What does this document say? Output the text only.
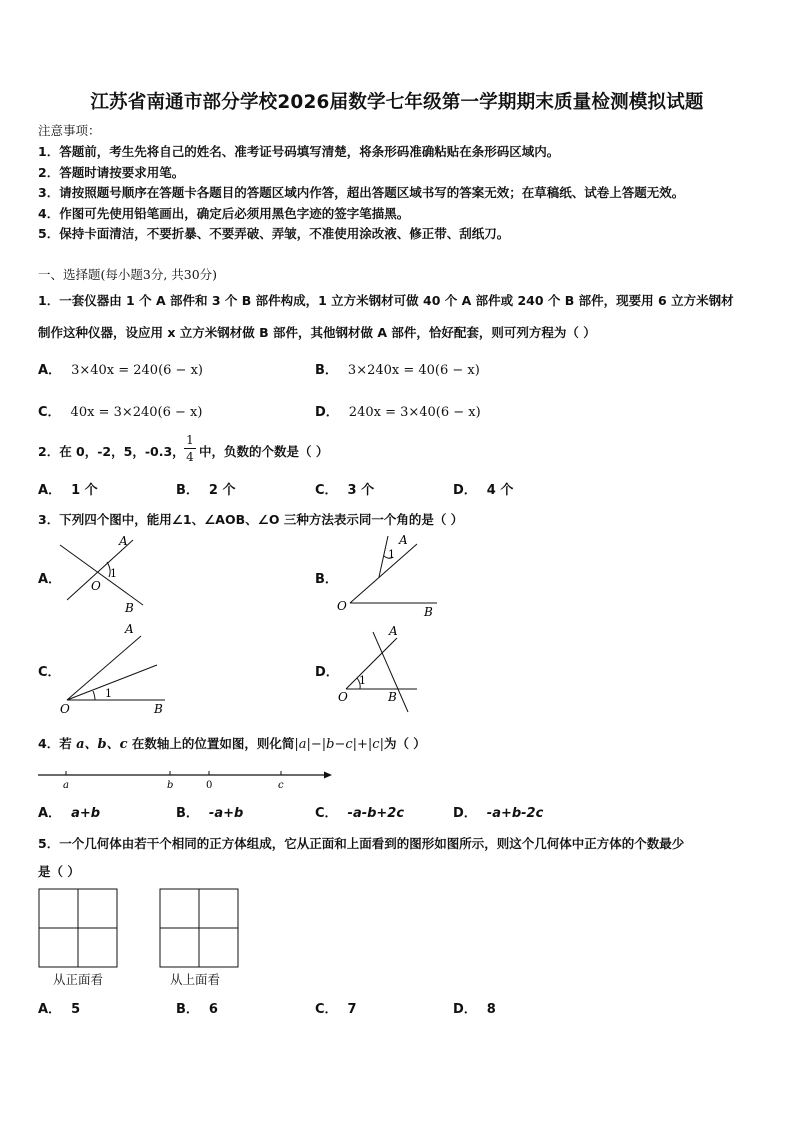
江苏省南通市部分学校2026届数学七年级第一学期期末质量检测模拟试题
注意事项：
1．答题前，考生先将自己的姓名、准考证号码填写清楚，将条形码准确粘贴在条形码区域内。
2．答题时请按要求用笔。
3．请按照题号顺序在答题卡各题目的答题区域内作答，超出答题区域书写的答案无效；在草稿纸、试卷上答题无效。
4．作图可先使用铅笔画出，确定后必须用黑色字迹的签字笔描黑。
5．保持卡面清洁，不要折暴、不要弄破、弄皱，不准使用涂改液、修正带、刮纸刀。
一、选择题(每小题3分, 共30分)
1．一套仪器由 1 个 A 部件和 3 个 B 部件构成，1 立方米钢材可做 40 个 A 部件或 240 个 B 部件，现要用 6 立方米钢材
制作这种仪器，设应用 x 立方米钢材做 B 部件，其他钢材做 A 部件，恰好配套，则可列方程为（ ）
A． 3×40x = 240(6 − x)	B． 3×240x = 40(6 − x)
C． 40x = 3×240(6 − x)	D． 240x = 3×40(6 − x)
2．在 0，-2，5，-0.3，
1
4 中，负数的个数是（ ）
A． 1 个	B． 2 个	C． 3 个	D． 4 个
3．下列四个图中，能用∠1、∠AOB、∠O 三种方法表示同一个角的是（ ）
A．
A
1
O
B
B．
A
1
O	B
C．
A
1
O	B
D．
A
1
O	B
4．若 a、b、c 在数轴上的位置如图，则化简|a|−|b−c|+|c|为（ ）
a	b	0	c
A． a+b	B． -a+b	C． -a-b+2c	D． -a+b-2c
5．一个几何体由若干个相同的正方体组成，它从正面和上面看到的图形如图所示，则这个几何体中正方体的个数最少
是（ ）
从正面看	从上面看
A． 5	B． 6	C． 7	D． 8
